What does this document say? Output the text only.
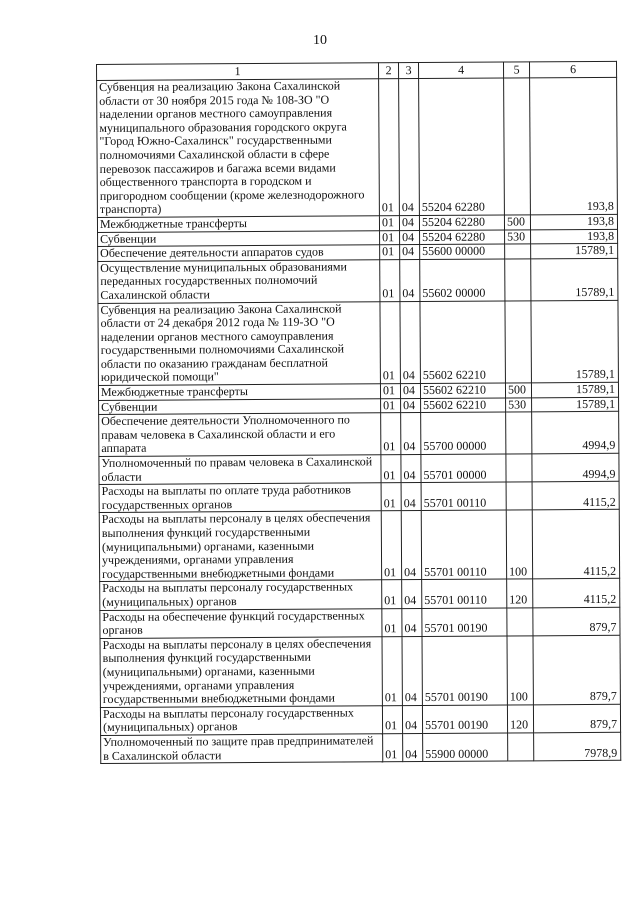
10
1	2	3	4	5	6
Субвенция на реализацию Закона Сахалинской области от 30 ноября 2015 года № 108-ЗО "О наделении органов местного самоуправления муниципального образования городского округа "Город Южно-Сахалинск" государственными полномочиями Сахалинской области в сфере перевозок пассажиров и багажа всеми видами общественного транспорта в городском и пригородном сообщении (кроме железнодорожного транспорта)	01	04	55204 62280		193,8
Межбюджетные трансферты	01	04	55204 62280	500	193,8
Субвенции	01	04	55204 62280	530	193,8
Обеспечение деятельности аппаратов судов	01	04	55600 00000		15789,1
Осуществление муниципальных образованиями переданных государственных полномочий Сахалинской области	01	04	55602 00000		15789,1
Субвенция на реализацию Закона Сахалинской области от 24 декабря 2012 года № 119-ЗО "О наделении органов местного самоуправления государственными полномочиями Сахалинской области по оказанию гражданам бесплатной юридической помощи"	01	04	55602 62210		15789,1
Межбюджетные трансферты	01	04	55602 62210	500	15789,1
Субвенции	01	04	55602 62210	530	15789,1
Обеспечение деятельности Уполномоченного по правам человека в Сахалинской области и его аппарата	01	04	55700 00000		4994,9
Уполномоченный по правам человека в Сахалинской области	01	04	55701 00000		4994,9
Расходы на выплаты по оплате труда работников государственных органов	01	04	55701 00110		4115,2
Расходы на выплаты персоналу в целях обеспечения выполнения функций государственными (муниципальными) органами, казенными учреждениями, органами управления государственными внебюджетными фондами	01	04	55701 00110	100	4115,2
Расходы на выплаты персоналу государственных (муниципальных) органов	01	04	55701 00110	120	4115,2
Расходы на обеспечение функций государственных органов	01	04	55701 00190		879,7
Расходы на выплаты персоналу в целях обеспечения выполнения функций государственными (муниципальными) органами, казенными учреждениями, органами управления государственными внебюджетными фондами	01	04	55701 00190	100	879,7
Расходы на выплаты персоналу государственных (муниципальных) органов	01	04	55701 00190	120	879,7
Уполномоченный по защите прав предпринимателей в Сахалинской области	01	04	55900 00000		7978,9
